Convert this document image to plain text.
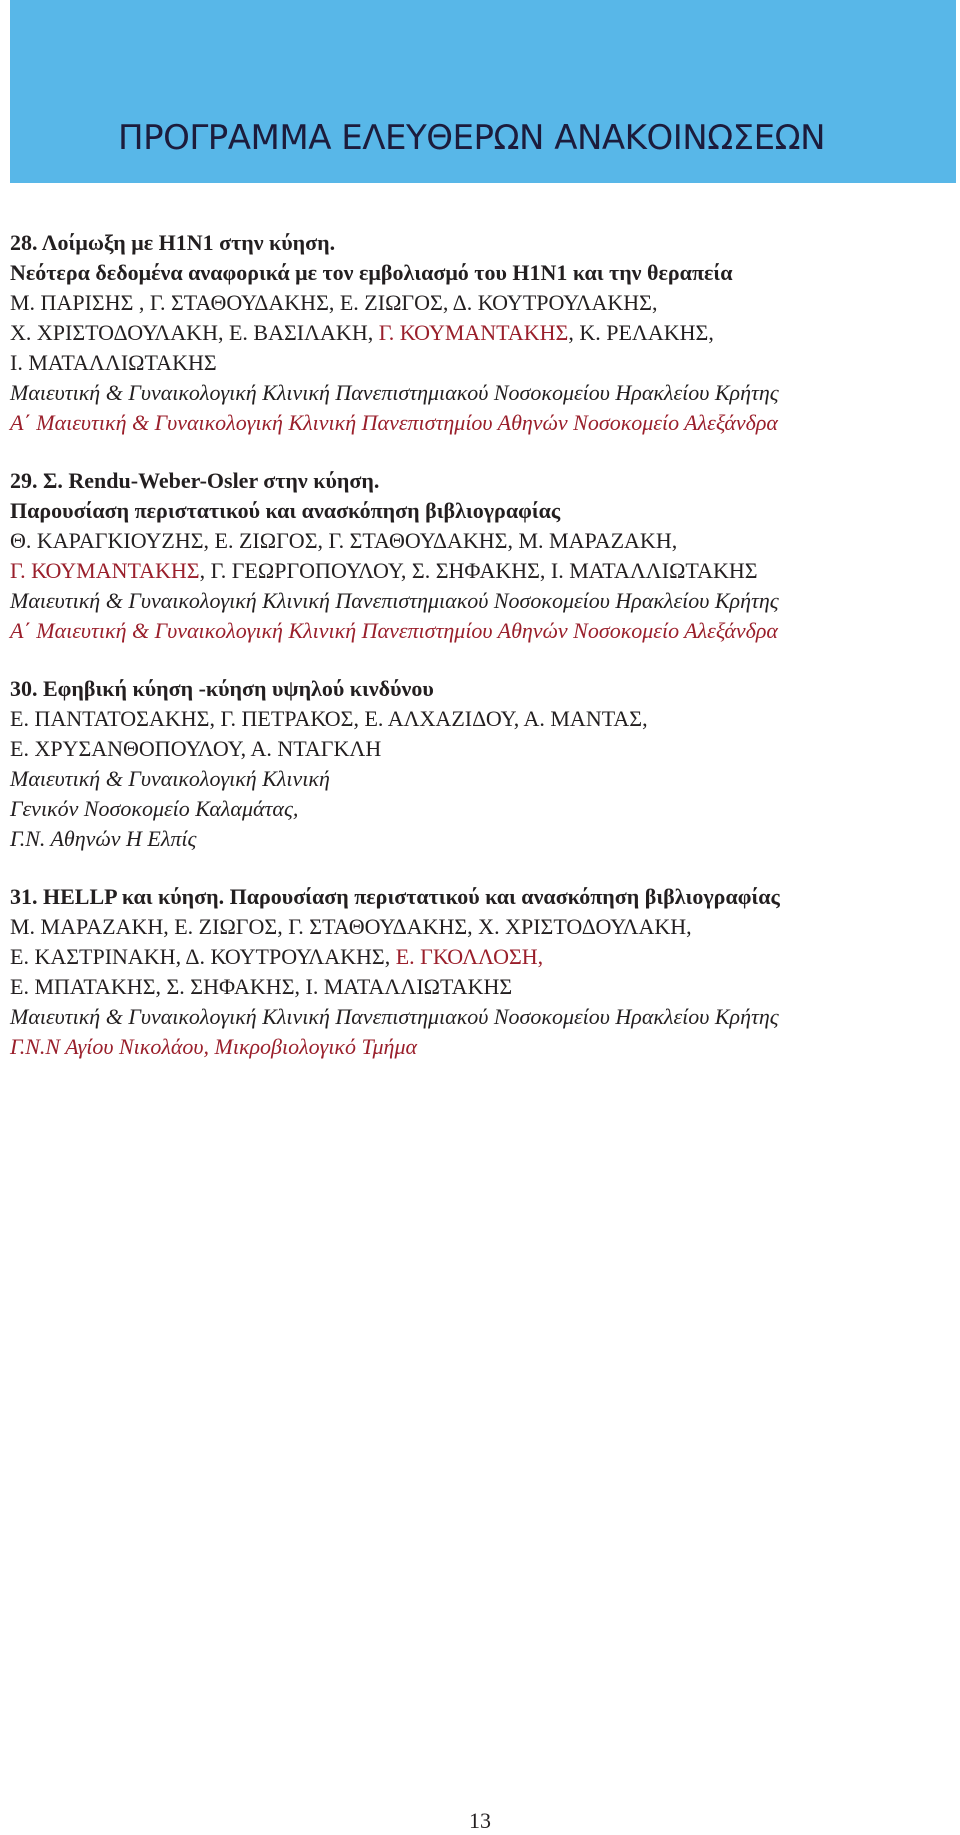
ΠΡΟΓΡΑΜΜΑ ΕΛΕΥΘΕΡΩΝ ΑΝΑΚΟΙΝΩΣΕΩΝ
28. Λοίμωξη με Η1Ν1 στην κύηση.
Νεότερα δεδομένα αναφορικά με τον εμβολιασμό του Η1Ν1 και την θεραπεία
Μ. ΠΑΡΙΣΗΣ , Γ. ΣΤΑΘΟΥΔΑΚΗΣ, Ε. ΖΙΩΓΟΣ, Δ. ΚΟΥΤΡΟΥΛΑΚΗΣ,
Χ. ΧΡΙΣΤΟΔΟΥΛΑΚΗ, Ε. ΒΑΣΙΛΑΚΗ, Γ. ΚΟΥΜΑΝΤΑΚΗΣ, Κ. ΡΕΛΑΚΗΣ,
Ι. ΜΑΤΑΛΛΙΩΤΑΚΗΣ
Μαιευτική & Γυναικολογική Κλινική Πανεπιστημιακού Νοσοκομείου Ηρακλείου Κρήτης
Α΄ Μαιευτική & Γυναικολογική Κλινική Πανεπιστημίου Αθηνών Νοσοκομείο Αλεξάνδρα
29. Σ. Rendu-Weber-Osler στην κύηση.
Παρουσίαση περιστατικού και ανασκόπηση βιβλιογραφίας
Θ. ΚΑΡΑΓΚΙΟΥΖΗΣ, Ε. ΖΙΩΓΟΣ, Γ. ΣΤΑΘΟΥΔΑΚΗΣ, Μ. ΜΑΡΑΖΑΚΗ,
Γ. ΚΟΥΜΑΝΤΑΚΗΣ, Γ. ΓΕΩΡΓΟΠΟΥΛΟΥ, Σ. ΣΗΦΑΚΗΣ, Ι. ΜΑΤΑΛΛΙΩΤΑΚΗΣ
Μαιευτική & Γυναικολογική Κλινική Πανεπιστημιακού Νοσοκομείου Ηρακλείου Κρήτης
Α΄ Μαιευτική & Γυναικολογική Κλινική Πανεπιστημίου Αθηνών Νοσοκομείο Αλεξάνδρα
30. Εφηβική κύηση -κύηση υψηλού κινδύνου
Ε. ΠΑΝΤΑΤΟΣΑΚΗΣ, Γ. ΠΕΤΡΑΚΟΣ, Ε. ΑΛΧΑΖΙΔΟΥ, Α. ΜΑΝΤΑΣ,
Ε. ΧΡΥΣΑΝΘΟΠΟΥΛΟΥ, Α. ΝΤΑΓΚΛΗ
Μαιευτική & Γυναικολογική Κλινική
Γενικόν Νοσοκομείο Καλαμάτας,
Γ.Ν. Αθηνών Η Ελπίς
31. HELLP και κύηση. Παρουσίαση περιστατικού και ανασκόπηση βιβλιογραφίας
Μ. ΜΑΡΑΖΑΚΗ, Ε. ΖΙΩΓΟΣ, Γ. ΣΤΑΘΟΥΔΑΚΗΣ, Χ. ΧΡΙΣΤΟΔΟΥΛΑΚΗ,
Ε. ΚΑΣΤΡΙΝΑΚΗ, Δ. ΚΟΥΤΡΟΥΛΑΚΗΣ, Ε. ΓΚΟΛΛΟΣΗ,
Ε. ΜΠΑΤΑΚΗΣ, Σ. ΣΗΦΑΚΗΣ, Ι. ΜΑΤΑΛΛΙΩΤΑΚΗΣ
Μαιευτική & Γυναικολογική Κλινική Πανεπιστημιακού Νοσοκομείου Ηρακλείου Κρήτης
Γ.Ν.Ν Αγίου Νικολάου, Μικροβιολογικό Τμήμα
13
